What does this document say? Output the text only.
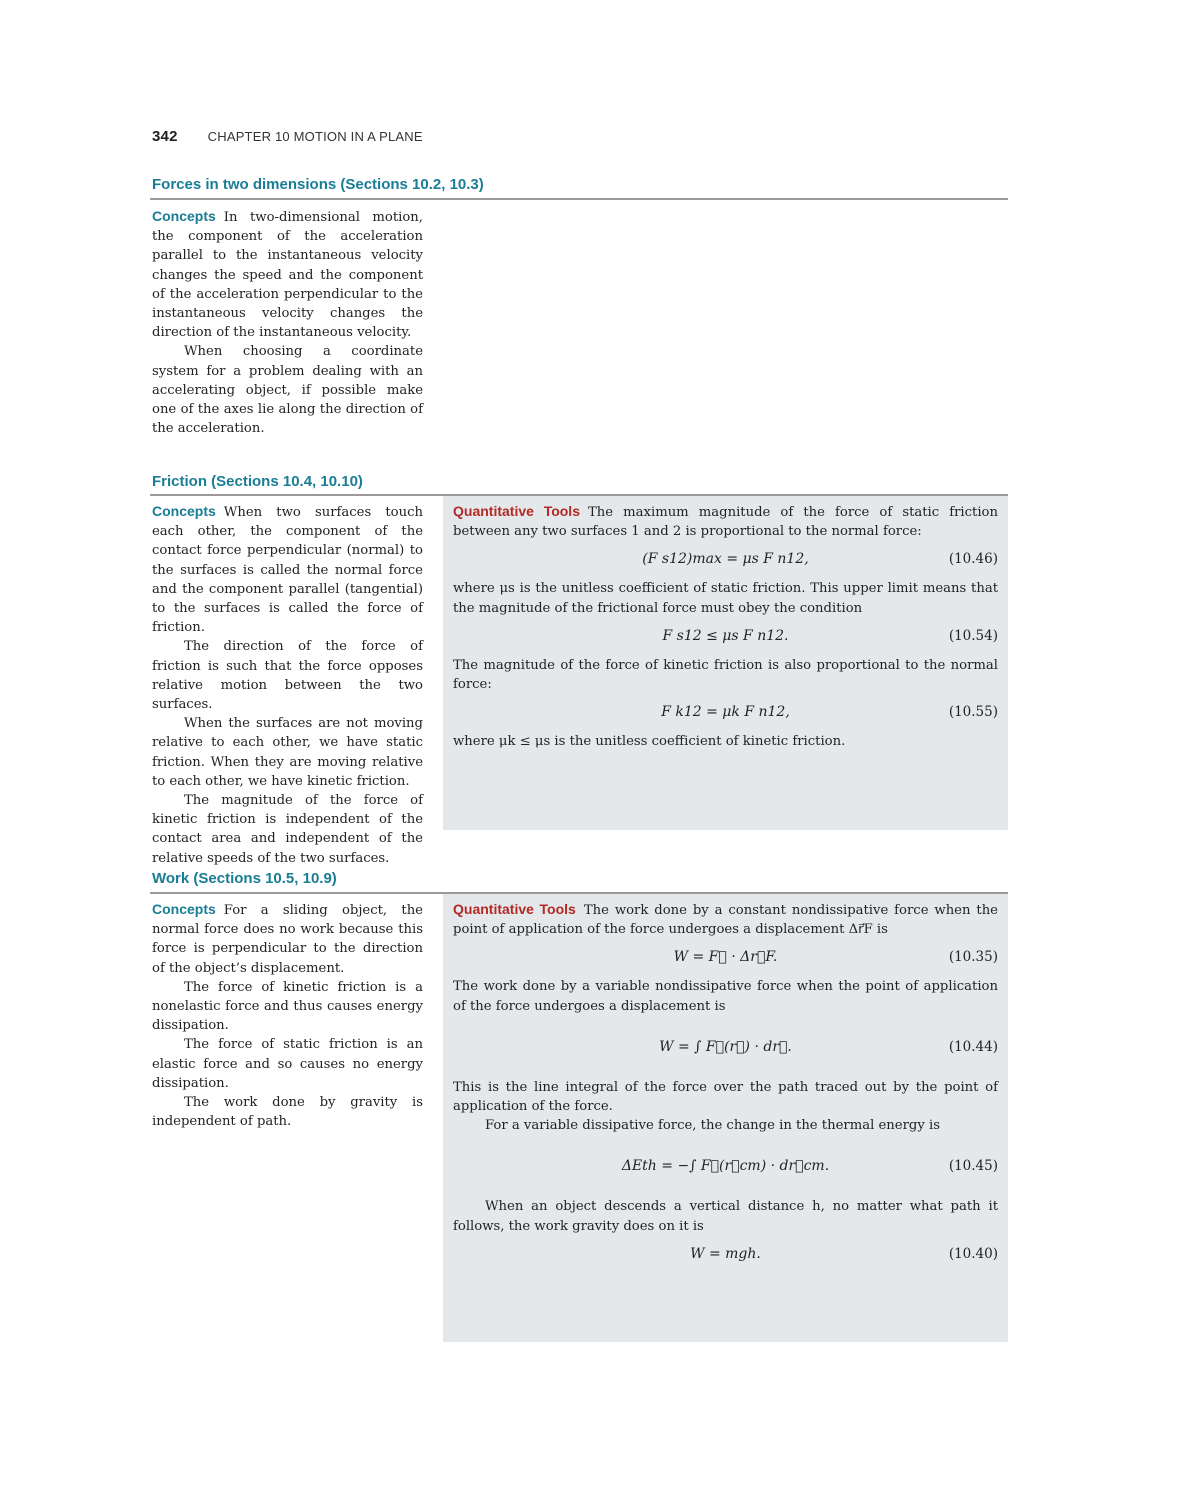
342 CHAPTER 10 MOTION IN A PLANE
Forces in two dimensions (Sections 10.2, 10.3)

Concepts In two-dimensional motion, the component of the acceleration parallel to the instantaneous velocity changes the speed and the component of the acceleration perpendicular to the instantaneous velocity changes the direction of the instantaneous velocity.

When choosing a coordinate system for a problem dealing with an accelerating object, if possible make one of the axes lie along the direction of the acceleration.

Friction (Sections 10.4, 10.10)

Concepts When two surfaces touch each other, the component of the contact force perpendicular (normal) to the surfaces is called the normal force and the component parallel (tangential) to the surfaces is called the force of friction.

The direction of the force of friction is such that the force opposes relative motion between the two surfaces.

When the surfaces are not moving relative to each other, we have static friction. When they are moving relative to each other, we have kinetic friction.

The magnitude of the force of kinetic friction is independent of the contact area and independent of the relative speeds of the two surfaces.

Quantitative Tools The maximum magnitude of the force of static friction between any two surfaces 1 and 2 is proportional to the normal force:

(F s12)max = μs F n12,	(10.46)

where μs is the unitless coefficient of static friction. This upper limit means that the magnitude of the frictional force must obey the condition

F s12 ≤ μs F n12.	(10.54)

The magnitude of the force of kinetic friction is also proportional to the normal force:

F k12 = μk F n12,	(10.55)

where μk ≤ μs is the unitless coefficient of kinetic friction.

Work (Sections 10.5, 10.9)

Concepts For a sliding object, the normal force does no work because this force is perpendicular to the direction of the object’s displacement.

The force of kinetic friction is a nonelastic force and thus causes energy dissipation.

The force of static friction is an elastic force and so causes no energy dissipation.

The work done by gravity is independent of path.

Quantitative Tools The work done by a constant nondissipative force when the point of application of the force undergoes a displacement Δr⃗F is

W = F⃗ · Δr⃗F.	(10.35)

The work done by a variable nondissipative force when the point of application of the force undergoes a displacement is

W = ∫ F⃗(r⃗) · dr⃗.	(10.44)

This is the line integral of the force over the path traced out by the point of application of the force.

For a variable dissipative force, the change in the thermal energy is

ΔEth = −∫ F⃗(r⃗cm) · dr⃗cm.	(10.45)

When an object descends a vertical distance h, no matter what path it follows, the work gravity does on it is

W = mgh.	(10.40)
